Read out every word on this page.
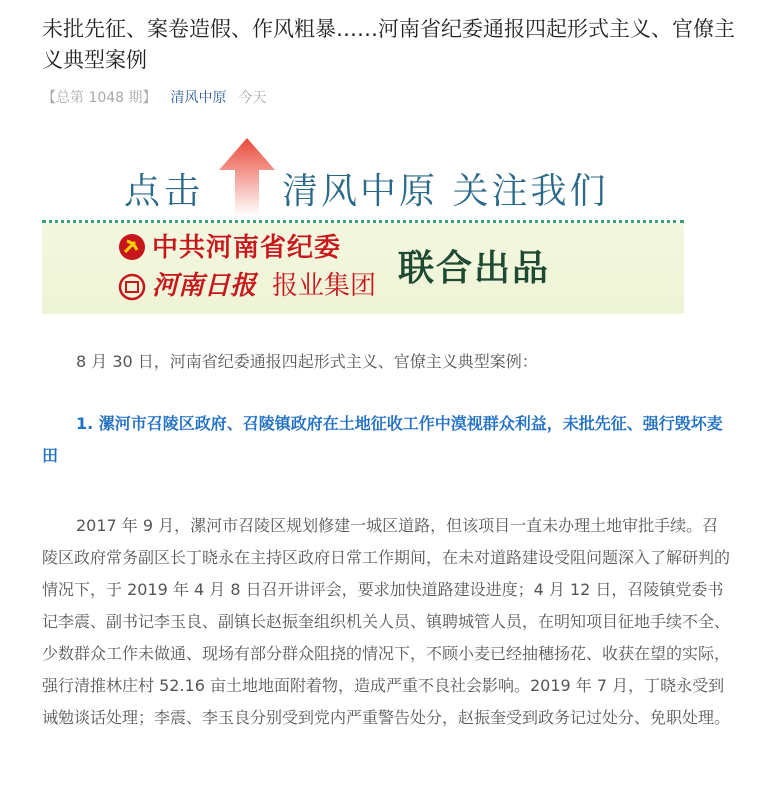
未批先征、案卷造假、作风粗暴……河南省纪委通报四起形式主义、官僚主义典型案例
【总第 1048 期】 清风中原 今天
点击 清风中原 关注我们
中共河南省纪委
河南日报 报业集团 联合出品

8 月 30 日，河南省纪委通报四起形式主义、官僚主义典型案例：

1. 漯河市召陵区政府、召陵镇政府在土地征收工作中漠视群众利益，未批先征、强行毁坏麦田

2017 年 9 月，漯河市召陵区规划修建一城区道路，但该项目一直未办理土地审批手续。召陵区政府常务副区长丁晓永在主持区政府日常工作期间，在未对道路建设受阻问题深入了解研判的情况下，于 2019 年 4 月 8 日召开讲评会，要求加快道路建设进度；4 月 12 日，召陵镇党委书记李震、副书记李玉良、副镇长赵振奎组织机关人员、镇聘城管人员，在明知项目征地手续不全、少数群众工作未做通、现场有部分群众阻挠的情况下，不顾小麦已经抽穗扬花、收获在望的实际，强行清推林庄村 52.16 亩土地地面附着物，造成严重不良社会影响。2019 年 7 月，丁晓永受到诫勉谈话处理；李震、李玉良分别受到党内严重警告处分，赵振奎受到政务记过处分、免职处理。
